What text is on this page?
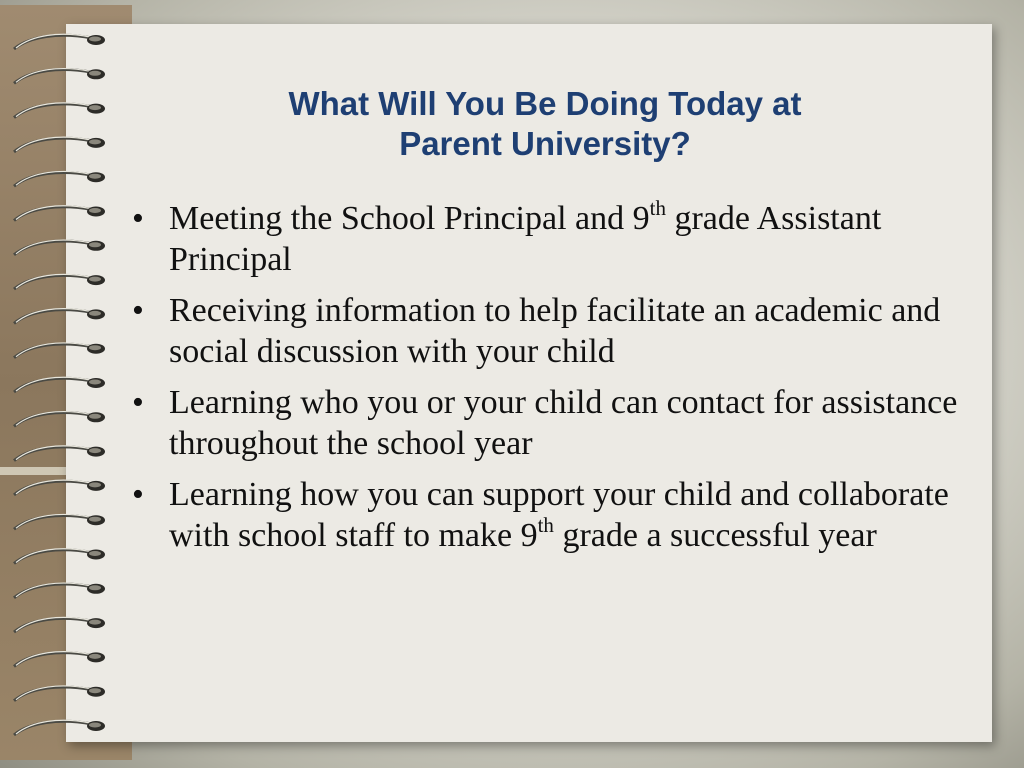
What Will You Be Doing Today at
Parent University?
• Meeting the School Principal and 9th grade Assistant Principal
• Receiving information to help facilitate an academic and social discussion with your child
• Learning who you or your child can contact for assistance throughout the school year
• Learning how you can support your child and collaborate with school staff to make 9th grade a successful year
